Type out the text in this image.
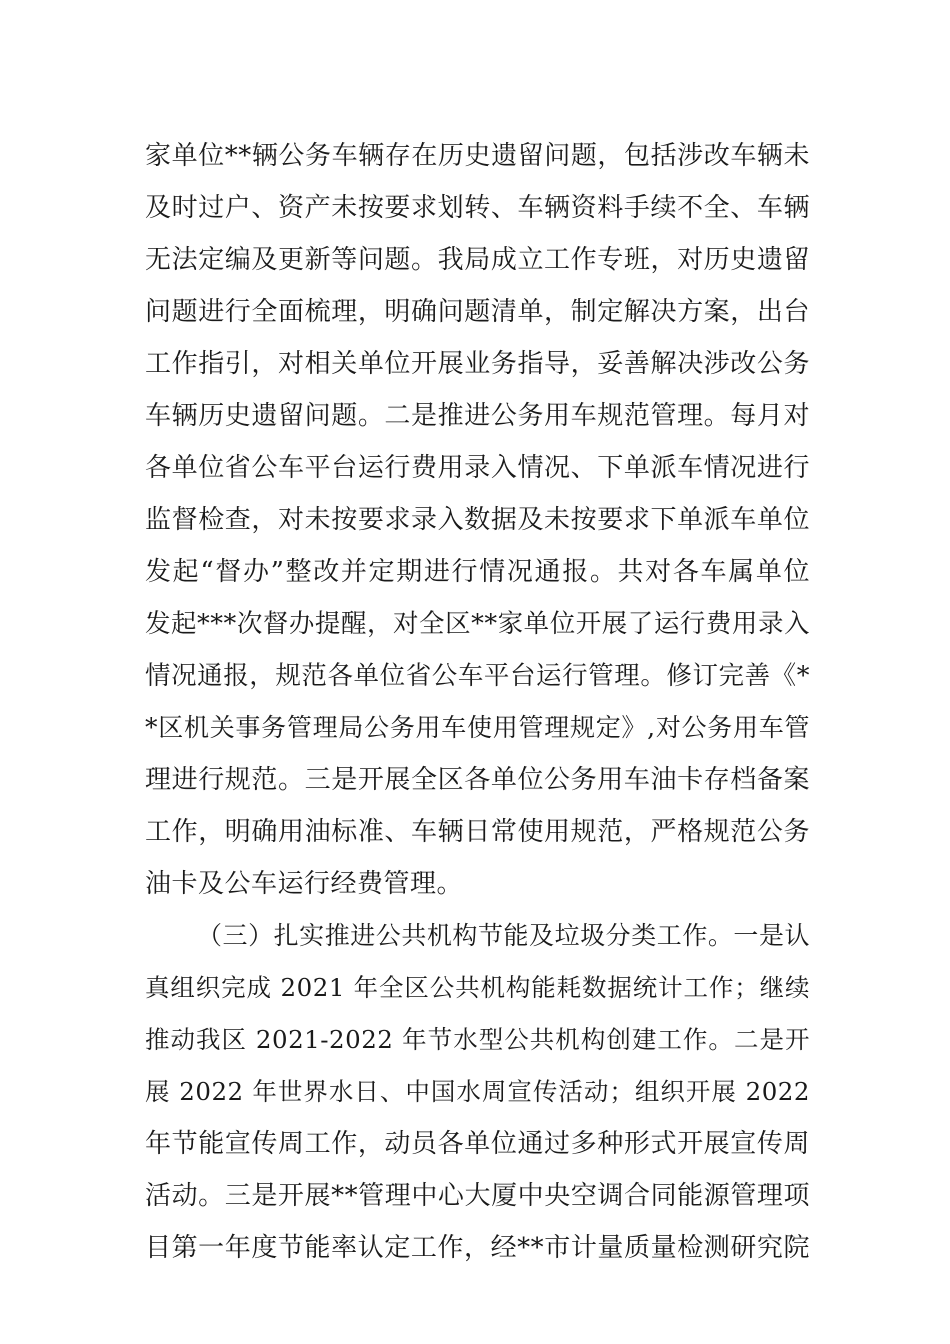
家单位**辆公务车辆存在历史遗留问题，包括涉改车辆未
及时过户、资产未按要求划转、车辆资料手续不全、车辆
无法定编及更新等问题。我局成立工作专班，对历史遗留
问题进行全面梳理，明确问题清单，制定解决方案，出台
工作指引，对相关单位开展业务指导，妥善解决涉改公务
车辆历史遗留问题。二是推进公务用车规范管理。每月对
各单位省公车平台运行费用录入情况、下单派车情况进行
监督检查，对未按要求录入数据及未按要求下单派车单位
发起“督办”整改并定期进行情况通报。共对各车属单位
发起***次督办提醒，对全区**家单位开展了运行费用录入
情况通报，规范各单位省公车平台运行管理。修订完善《*
*区机关事务管理局公务用车使用管理规定》,对公务用车管
理进行规范。三是开展全区各单位公务用车油卡存档备案
工作，明确用油标准、车辆日常使用规范，严格规范公务
油卡及公车运行经费管理。
（三）扎实推进公共机构节能及垃圾分类工作。一是认
真组织完成 2021 年全区公共机构能耗数据统计工作；继续
推动我区 2021-2022 年节水型公共机构创建工作。二是开
展 2022 年世界水日、中国水周宣传活动；组织开展 2022
年节能宣传周工作，动员各单位通过多种形式开展宣传周
活动。三是开展**管理中心大厦中央空调合同能源管理项
目第一年度节能率认定工作，经**市计量质量检测研究院
